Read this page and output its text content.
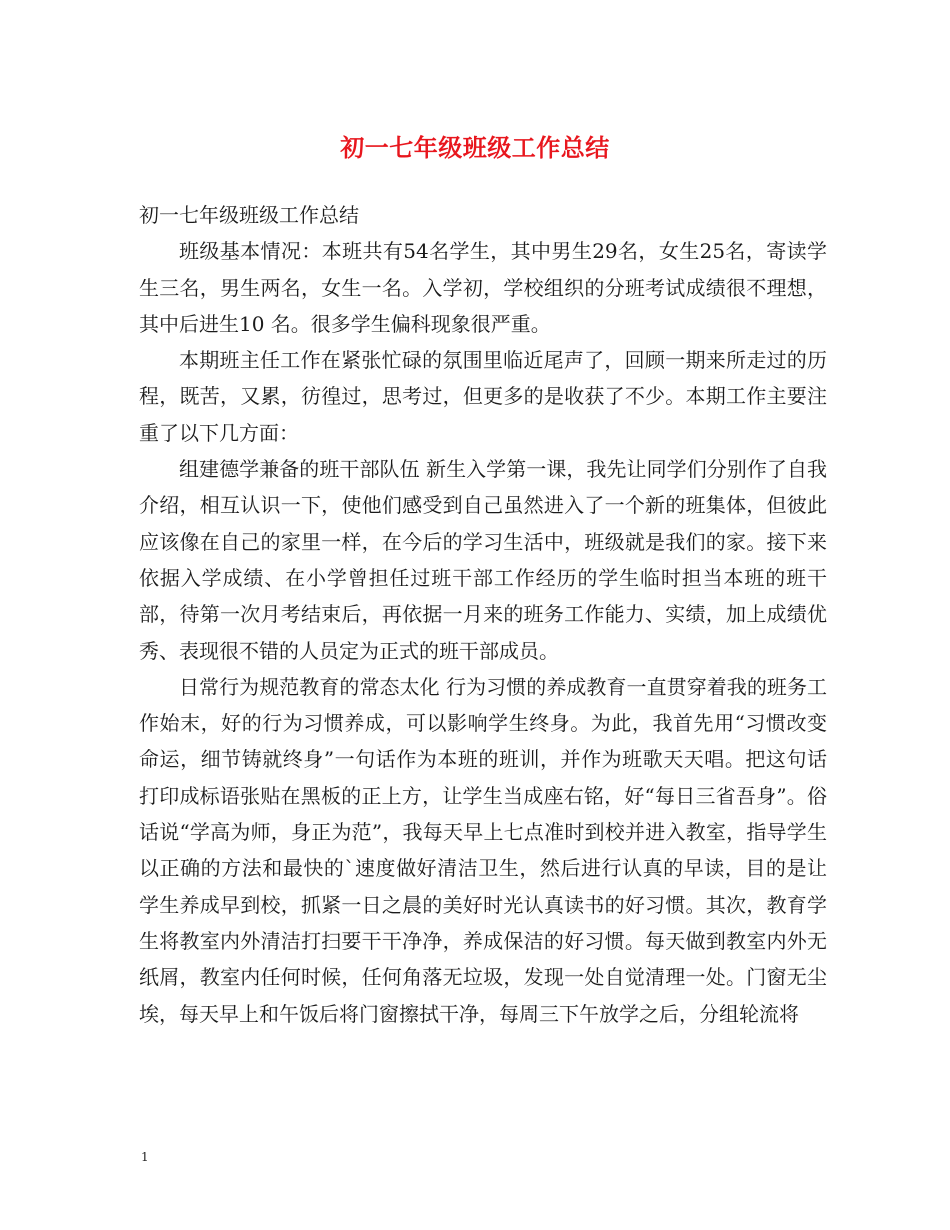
初一七年级班级工作总结

初一七年级班级工作总结

班级基本情况：本班共有54名学生，其中男生29名，女生25名，寄读学生三名，男生两名，女生一名。入学初，学校组织的分班考试成绩很不理想，其中后进生10 名。很多学生偏科现象很严重。

本期班主任工作在紧张忙碌的氛围里临近尾声了，回顾一期来所走过的历程，既苦，又累，彷徨过，思考过，但更多的是收获了不少。本期工作主要注重了以下几方面：

组建德学兼备的班干部队伍 新生入学第一课，我先让同学们分别作了自我介绍，相互认识一下，使他们感受到自己虽然进入了一个新的班集体，但彼此应该像在自己的家里一样，在今后的学习生活中，班级就是我们的家。接下来依据入学成绩、在小学曾担任过班干部工作经历的学生临时担当本班的班干部，待第一次月考结束后，再依据一月来的班务工作能力、实绩，加上成绩优秀、表现很不错的人员定为正式的班干部成员。

日常行为规范教育的常态太化 行为习惯的养成教育一直贯穿着我的班务工作始末，好的行为习惯养成，可以影响学生终身。为此，我首先用“习惯改变命运，细节铸就终身”一句话作为本班的班训，并作为班歌天天唱。把这句话打印成标语张贴在黑板的正上方，让学生当成座右铭，好“每日三省吾身”。俗话说“学高为师，身正为范”，我每天早上七点准时到校并进入教室，指导学生以正确的方法和最快的`速度做好清洁卫生，然后进行认真的早读，目的是让学生养成早到校，抓紧一日之晨的美好时光认真读书的好习惯。其次，教育学生将教室内外清洁打扫要干干净净，养成保洁的好习惯。每天做到教室内外无纸屑，教室内任何时候，任何角落无垃圾，发现一处自觉清理一处。门窗无尘埃，每天早上和午饭后将门窗擦拭干净，每周三下午放学之后，分组轮流将

1
